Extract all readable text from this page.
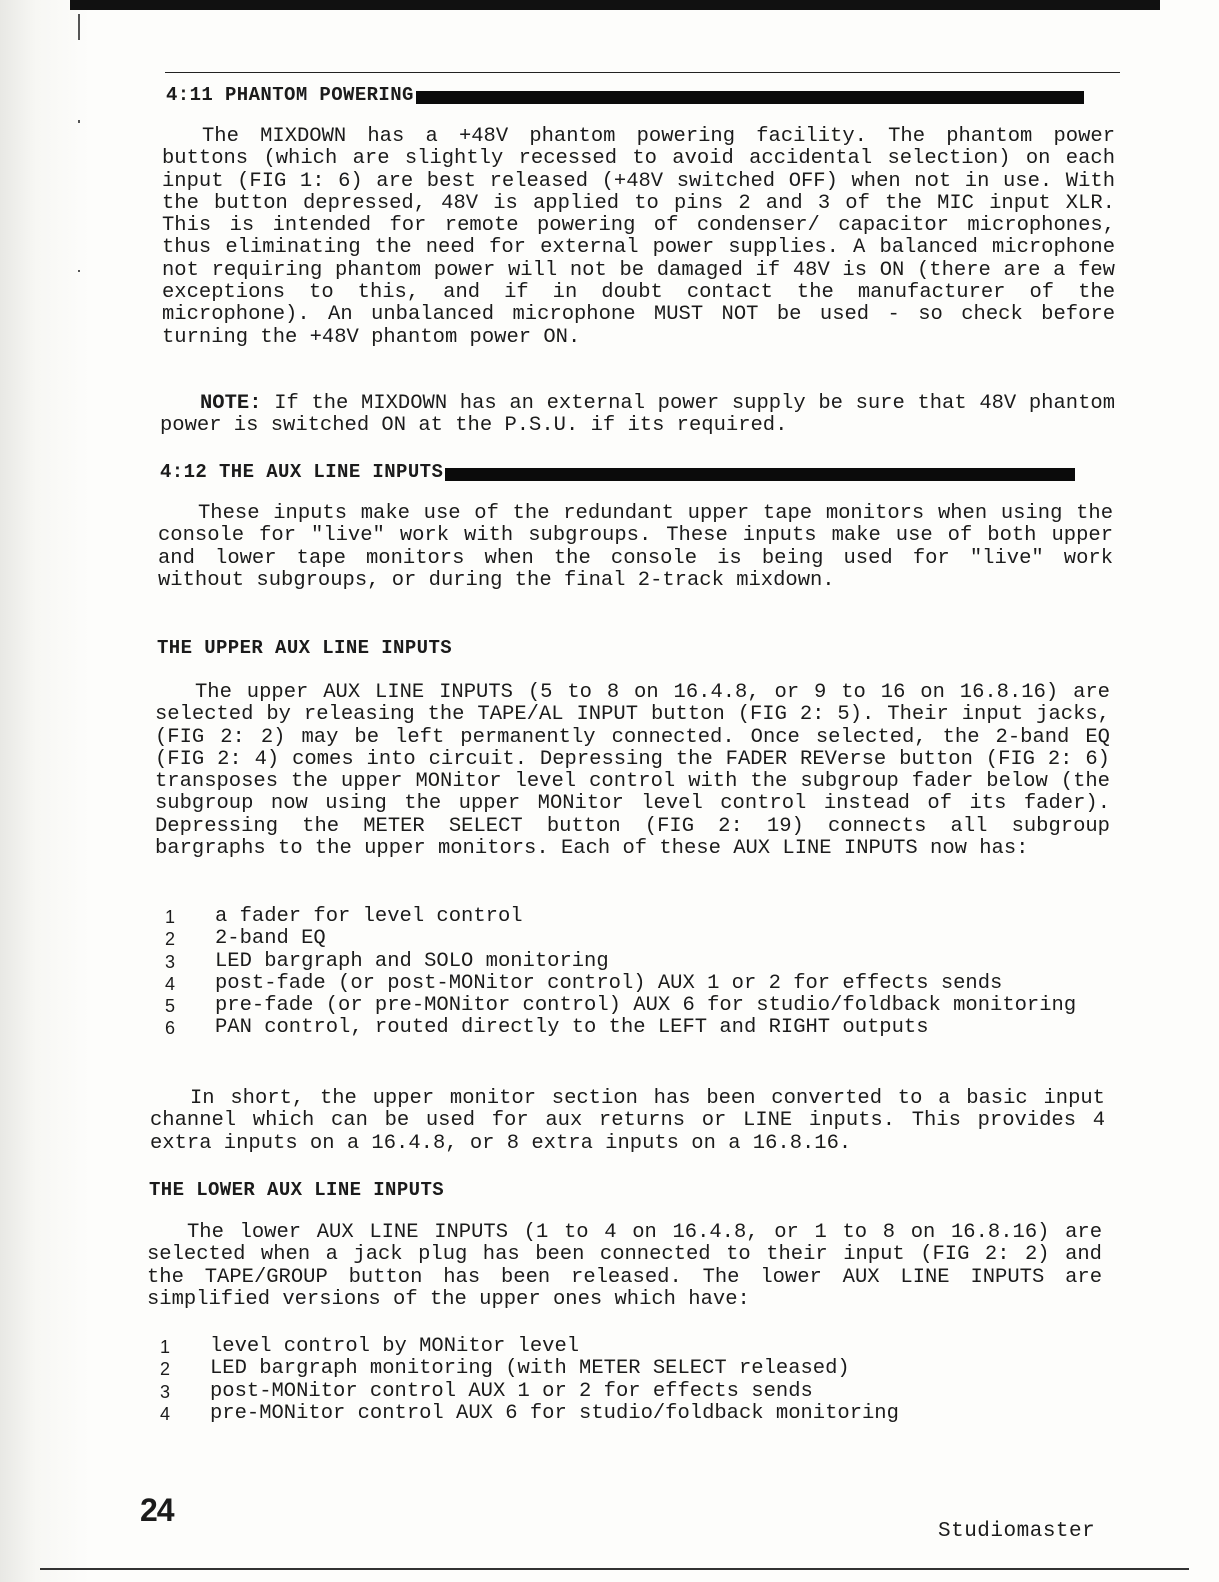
4:11 PHANTOM POWERING

The MIXDOWN has a +48V phantom powering facility. The phantom power buttons (which are slightly recessed to avoid accidental selection) on each input (FIG 1: 6) are best released (+48V switched OFF) when not in use. With the button depressed, 48V is applied to pins 2 and 3 of the MIC input XLR. This is intended for remote powering of condenser/ capacitor microphones, thus eliminating the need for external power supplies. A balanced microphone not requiring phantom power will not be damaged if 48V is ON (there are a few exceptions to this, and if in doubt contact the manufacturer of the microphone). An unbalanced microphone MUST NOT be used - so check before turning the +48V phantom power ON.

NOTE: If the MIXDOWN has an external power supply be sure that 48V phantom power is switched ON at the P.S.U. if its required.

4:12 THE AUX LINE INPUTS

These inputs make use of the redundant upper tape monitors when using the console for "live" work with subgroups. These inputs make use of both upper and lower tape monitors when the console is being used for "live" work without subgroups, or during the final 2-track mixdown.

THE UPPER AUX LINE INPUTS

The upper AUX LINE INPUTS (5 to 8 on 16.4.8, or 9 to 16 on 16.8.16) are selected by releasing the TAPE/AL INPUT button (FIG 2: 5). Their input jacks, (FIG 2: 2) may be left permanently connected. Once selected, the 2-band EQ (FIG 2: 4) comes into circuit. Depressing the FADER REVerse button (FIG 2: 6) transposes the upper MONitor level control with the subgroup fader below (the subgroup now using the upper MONitor level control instead of its fader). Depressing the METER SELECT button (FIG 2: 19) connects all subgroup bargraphs to the upper monitors. Each of these AUX LINE INPUTS now has:

1	a fader for level control
2	2-band EQ
3	LED bargraph and SOLO monitoring
4	post-fade (or post-MONitor control) AUX 1 or 2 for effects sends
5	pre-fade (or pre-MONitor control) AUX 6 for studio/foldback monitoring
6	PAN control, routed directly to the LEFT and RIGHT outputs

In short, the upper monitor section has been converted to a basic input channel which can be used for aux returns or LINE inputs. This provides 4 extra inputs on a 16.4.8, or 8 extra inputs on a 16.8.16.

THE LOWER AUX LINE INPUTS

The lower AUX LINE INPUTS (1 to 4 on 16.4.8, or 1 to 8 on 16.8.16) are selected when a jack plug has been connected to their input (FIG 2: 2) and the TAPE/GROUP button has been released. The lower AUX LINE INPUTS are simplified versions of the upper ones which have:

1	level control by MONitor level
2	LED bargraph monitoring (with METER SELECT released)
3	post-MONitor control AUX 1 or 2 for effects sends
4	pre-MONitor control AUX 6 for studio/foldback monitoring
24
Studiomaster
